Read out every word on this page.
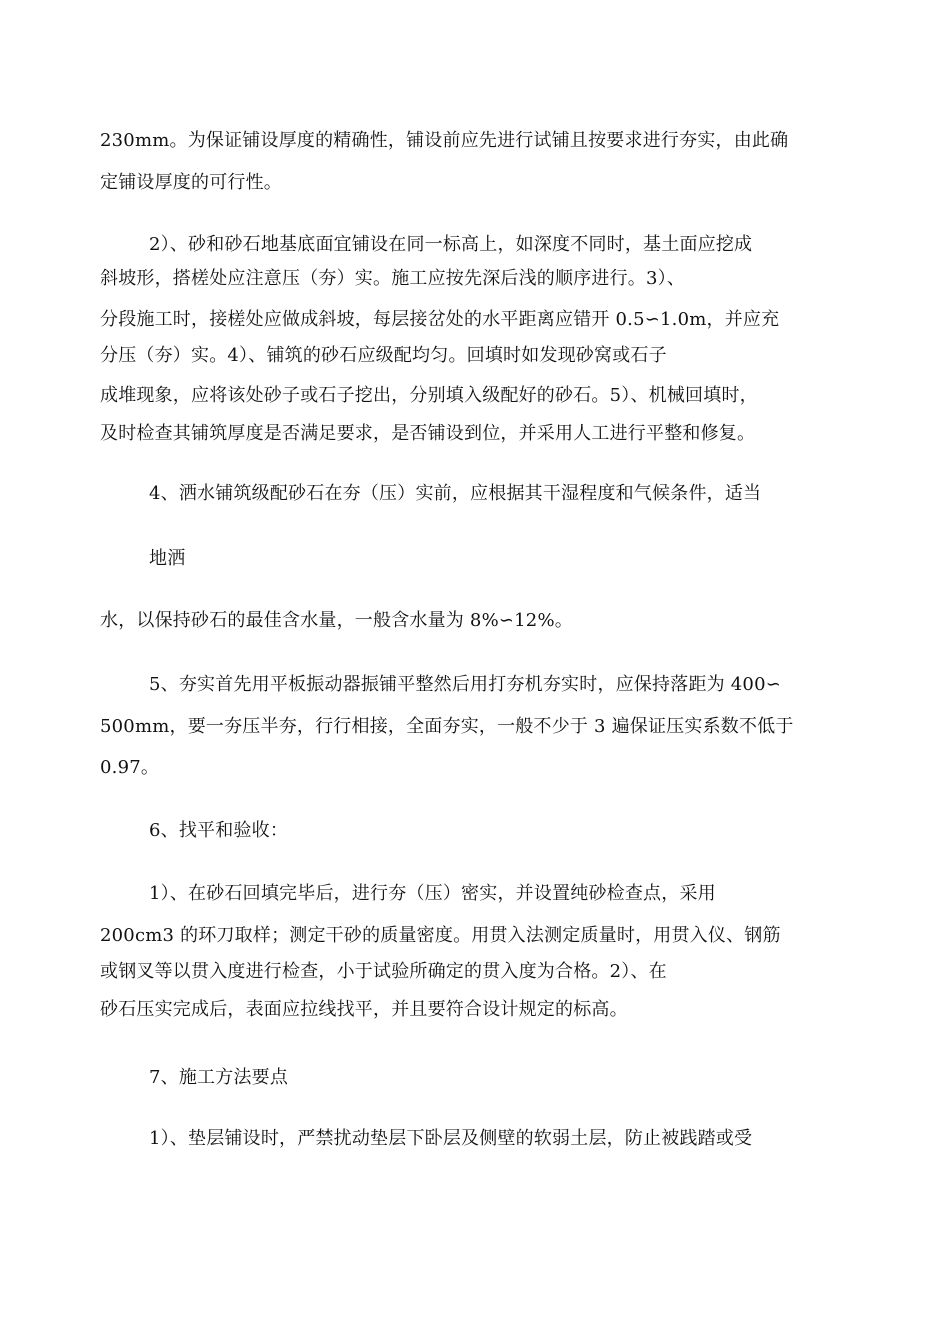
230mm。为保证铺设厚度的精确性，铺设前应先进行试铺且按要求进行夯实，由此确
定铺设厚度的可行性。
2）、砂和砂石地基底面宜铺设在同一标高上，如深度不同时，基土面应挖成
斜坡形，搭槎处应注意压（夯）实。施工应按先深后浅的顺序进行。3）、
分段施工时，接槎处应做成斜坡，每层接岔处的水平距离应错开 0.5∽1.0m，并应充
分压（夯）实。4）、铺筑的砂石应级配均匀。回填时如发现砂窝或石子
成堆现象，应将该处砂子或石子挖出，分别填入级配好的砂石。5）、机械回填时，
及时检查其铺筑厚度是否满足要求，是否铺设到位，并采用人工进行平整和修复。
4、洒水铺筑级配砂石在夯（压）实前，应根据其干湿程度和气候条件，适当
地洒
水，以保持砂石的最佳含水量，一般含水量为 8%∽12%。
5、夯实首先用平板振动器振铺平整然后用打夯机夯实时，应保持落距为 400∽
500mm，要一夯压半夯，行行相接，全面夯实，一般不少于 3 遍保证压实系数不低于
0.97。
6、找平和验收：
1）、在砂石回填完毕后，进行夯（压）密实，并设置纯砂检查点，采用
200cm3 的环刀取样；测定干砂的质量密度。用贯入法测定质量时，用贯入仪、钢筋
或钢叉等以贯入度进行检查，小于试验所确定的贯入度为合格。2）、在
砂石压实完成后，表面应拉线找平，并且要符合设计规定的标高。
7、施工方法要点
1）、垫层铺设时，严禁扰动垫层下卧层及侧壁的软弱土层，防止被践踏或受
